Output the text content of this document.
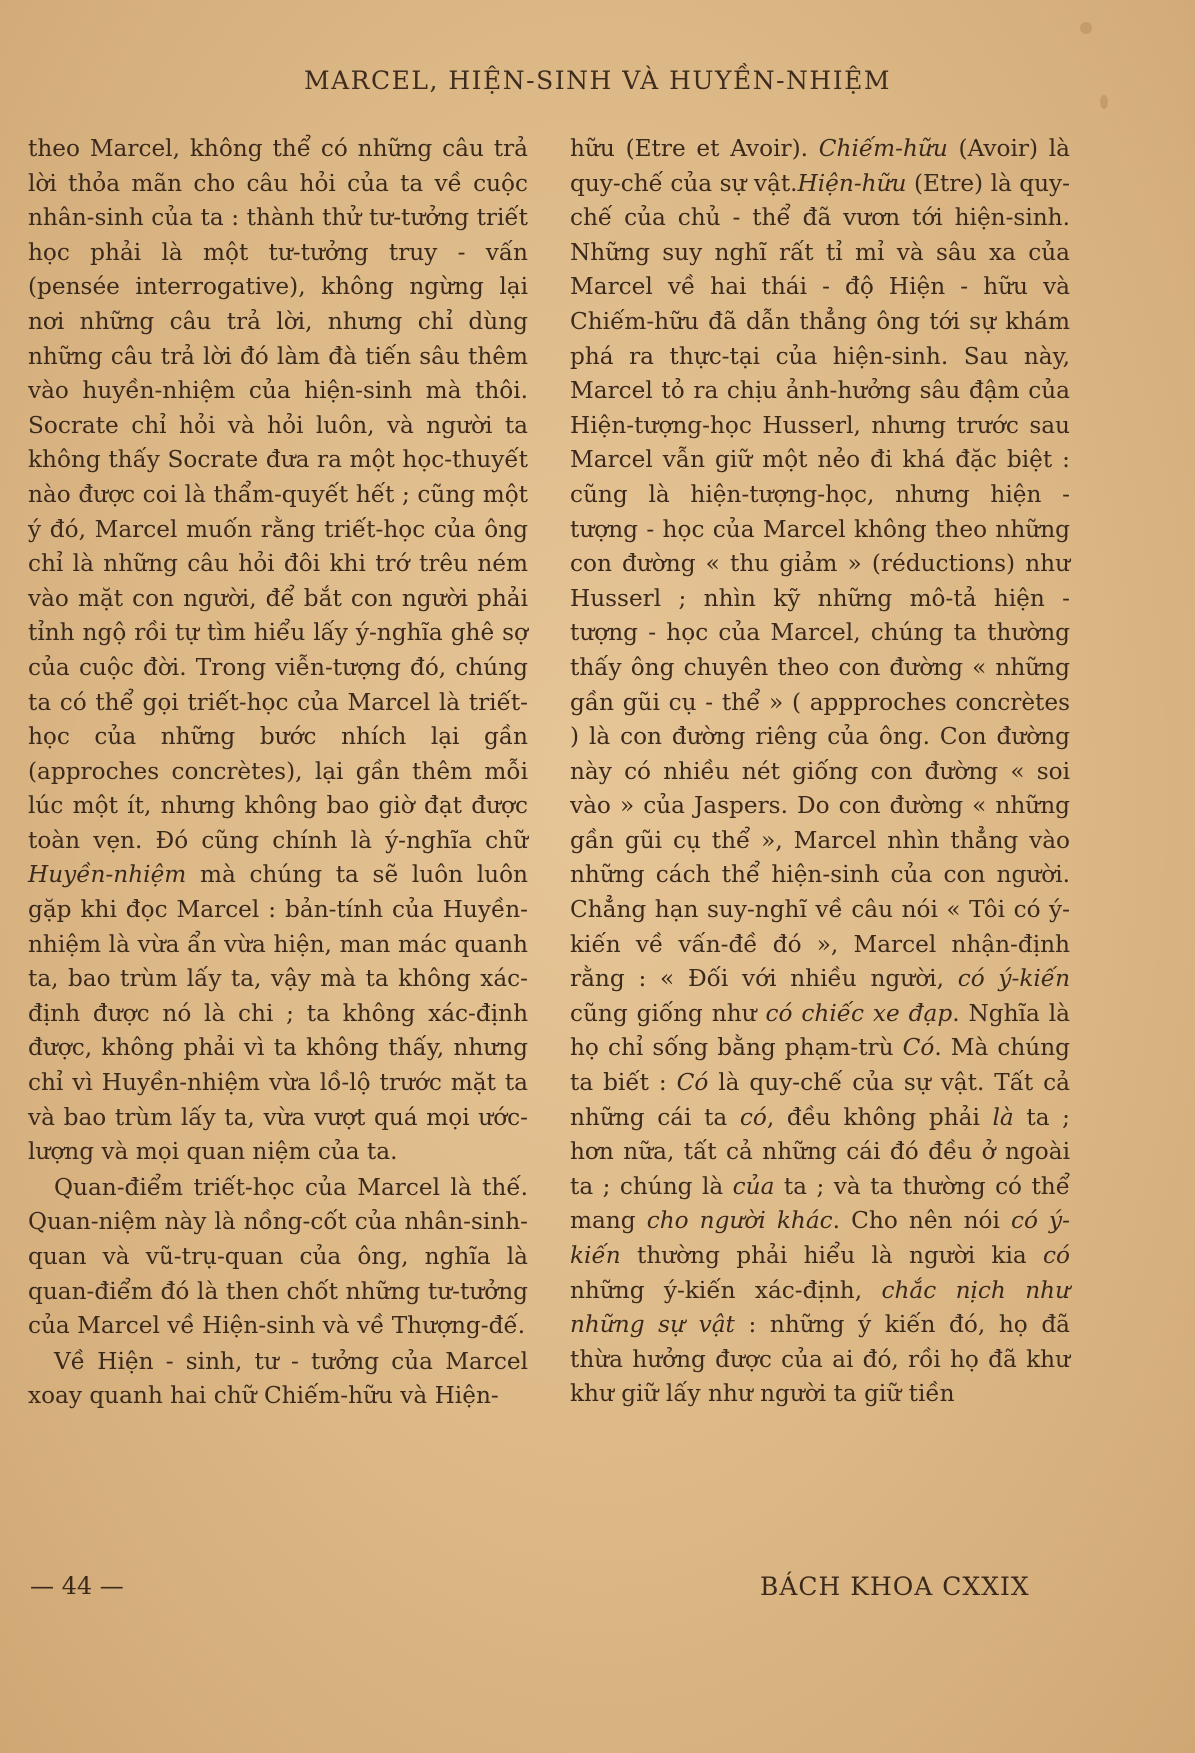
MARCEL, HIỆN-SINH VÀ HUYỀN-NHIỆM

theo Marcel, không thể có những câu trả lời thỏa mãn cho câu hỏi của ta về cuộc nhân-sinh của ta : thành thử tư-tưởng triết học phải là một tư-tưởng truy - vấn (pensée interrogative), không ngừng lại nơi những câu trả lời, nhưng chỉ dùng những câu trả lời đó làm đà tiến sâu thêm vào huyền-nhiệm của hiện-sinh mà thôi. Socrate chỉ hỏi và hỏi luôn, và người ta không thấy Socrate đưa ra một học-thuyết nào được coi là thẩm-quyết hết ; cũng một ý đó, Marcel muốn rằng triết-học của ông chỉ là những câu hỏi đôi khi trớ trêu ném vào mặt con người, để bắt con người phải tỉnh ngộ rồi tự tìm hiểu lấy ý-nghĩa ghê sợ của cuộc đời. Trong viễn-tượng đó, chúng ta có thể gọi triết-học của Marcel là triết-học của những bước nhích lại gần (approches concrètes), lại gần thêm mỗi lúc một ít, nhưng không bao giờ đạt được toàn vẹn. Đó cũng chính là ý-nghĩa chữ Huyền-nhiệm mà chúng ta sẽ luôn luôn gặp khi đọc Marcel : bản-tính của Huyền-nhiệm là vừa ẩn vừa hiện, man mác quanh ta, bao trùm lấy ta, vậy mà ta không xác-định được nó là chi ; ta không xác-định được, không phải vì ta không thấy, nhưng chỉ vì Huyền-nhiệm vừa lồ-lộ trước mặt ta và bao trùm lấy ta, vừa vượt quá mọi ước-lượng và mọi quan niệm của ta.

Quan-điểm triết-học của Marcel là thế. Quan-niệm này là nồng-cốt của nhân-sinh-quan và vũ-trụ-quan của ông, nghĩa là quan-điểm đó là then chốt những tư-tưởng của Marcel về Hiện-sinh và về Thượng-đế.

Về Hiện - sinh, tư - tưởng của Marcel xoay quanh hai chữ Chiếm-hữu và Hiện-

hữu (Etre et Avoir). Chiếm-hữu (Avoir) là quy-chế của sự vật.Hiện-hữu (Etre) là quy-chế của chủ - thể đã vươn tới hiện-sinh. Những suy nghĩ rất tỉ mỉ và sâu xa của Marcel về hai thái - độ Hiện - hữu và Chiếm-hữu đã dẫn thẳng ông tới sự khám phá ra thực-tại của hiện-sinh. Sau này, Marcel tỏ ra chịu ảnh-hưởng sâu đậm của Hiện-tượng-học Husserl, nhưng trước sau Marcel vẫn giữ một nẻo đi khá đặc biệt : cũng là hiện-tượng-học, nhưng hiện - tượng - học của Marcel không theo những con đường « thu giảm » (réductions) như Husserl ; nhìn kỹ những mô-tả hiện - tượng - học của Marcel, chúng ta thường thấy ông chuyên theo con đường « những gần gũi cụ - thể » ( appproches concrètes ) là con đường riêng của ông. Con đường này có nhiều nét giống con đường « soi vào » của Jaspers. Do con đường « những gần gũi cụ thể », Marcel nhìn thẳng vào những cách thể hiện-sinh của con người. Chẳng hạn suy-nghĩ về câu nói « Tôi có ý-kiến về vấn-đề đó », Marcel nhận-định rằng : « Đối với nhiều người, có ý-kiến cũng giống như có chiếc xe đạp. Nghĩa là họ chỉ sống bằng phạm-trù Có. Mà chúng ta biết : Có là quy-chế của sự vật. Tất cả những cái ta có, đều không phải là ta ; hơn nữa, tất cả những cái đó đều ở ngoài ta ; chúng là của ta ; và ta thường có thể mang cho người khác. Cho nên nói có ý-kiến thường phải hiểu là người kia có những ý-kiến xác-định, chắc nịch như những sự vật : những ý kiến đó, họ đã thừa hưởng được của ai đó, rồi họ đã khư khư giữ lấy như người ta giữ tiền

— 44 —	BÁCH KHOA CXXIX
